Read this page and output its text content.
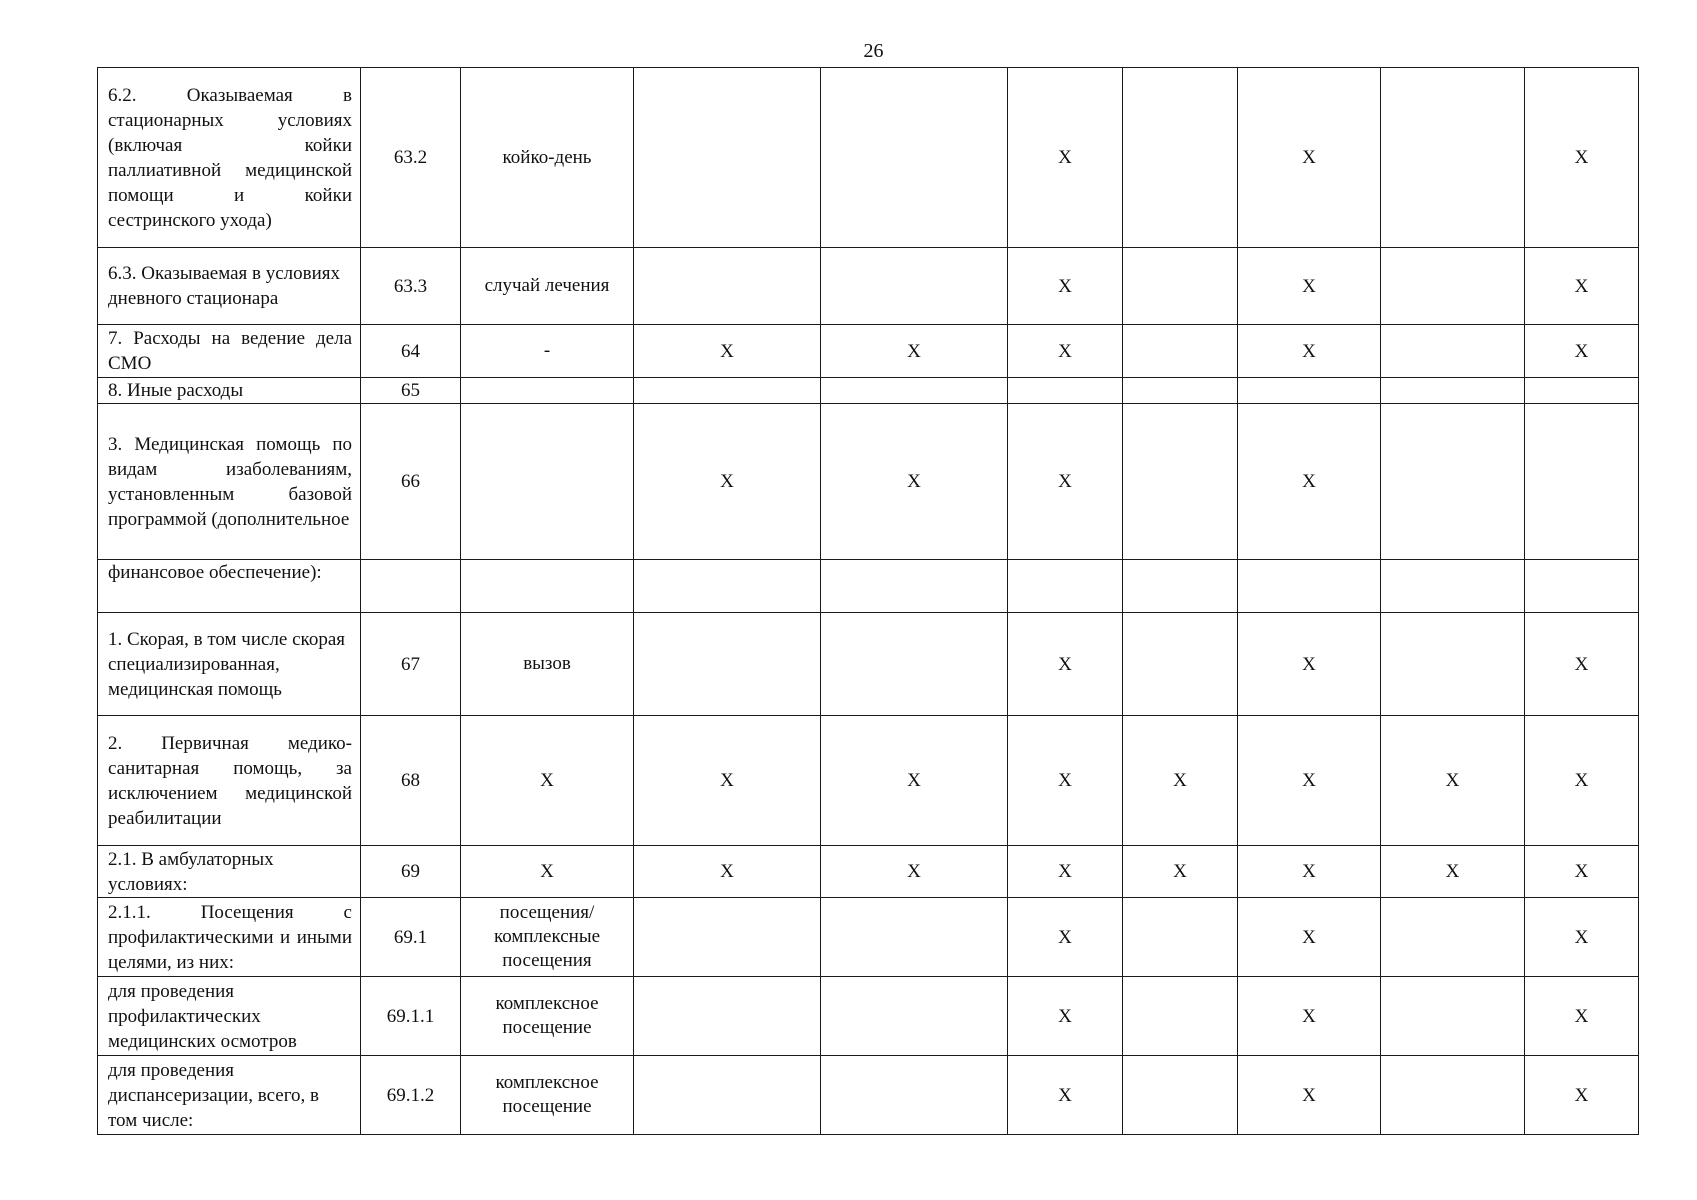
26
6.2. Оказываемая в стационарных условиях (включая койки паллиативной медицинской помощи и койки сестринского ухода)	63.2	койко-день			X		X		X
6.3. Оказываемая в условиях дневного стационара	63.3	случай лечения			X		X		X
7. Расходы на ведение дела СМО	64	-	X	X	X		X		X
8. Иные расходы	65								
3. Медицинская помощь по видам изаболеваниям, установленным базовой программой (дополнительное	66		X	X	X		X		
финансовое обеспечение):									
1. Скорая, в том числе скорая специализированная, медицинская помощь	67	вызов			X		X		X
2. Первичная медико-санитарная помощь, за исключением медицинской реабилитации	68	X	X	X	X	X	X	X	X
2.1. В амбулаторных условиях:	69	X	X	X	X	X	X	X	X
2.1.1. Посещения с профилактическими и иными целями, из них:	69.1	посещения/ комплексные посещения			X		X		X
для проведения профилактических медицинских осмотров	69.1.1	комплексное посещение			X		X		X
для проведения диспансеризации, всего, в том числе:	69.1.2	комплексное посещение			X		X		X
